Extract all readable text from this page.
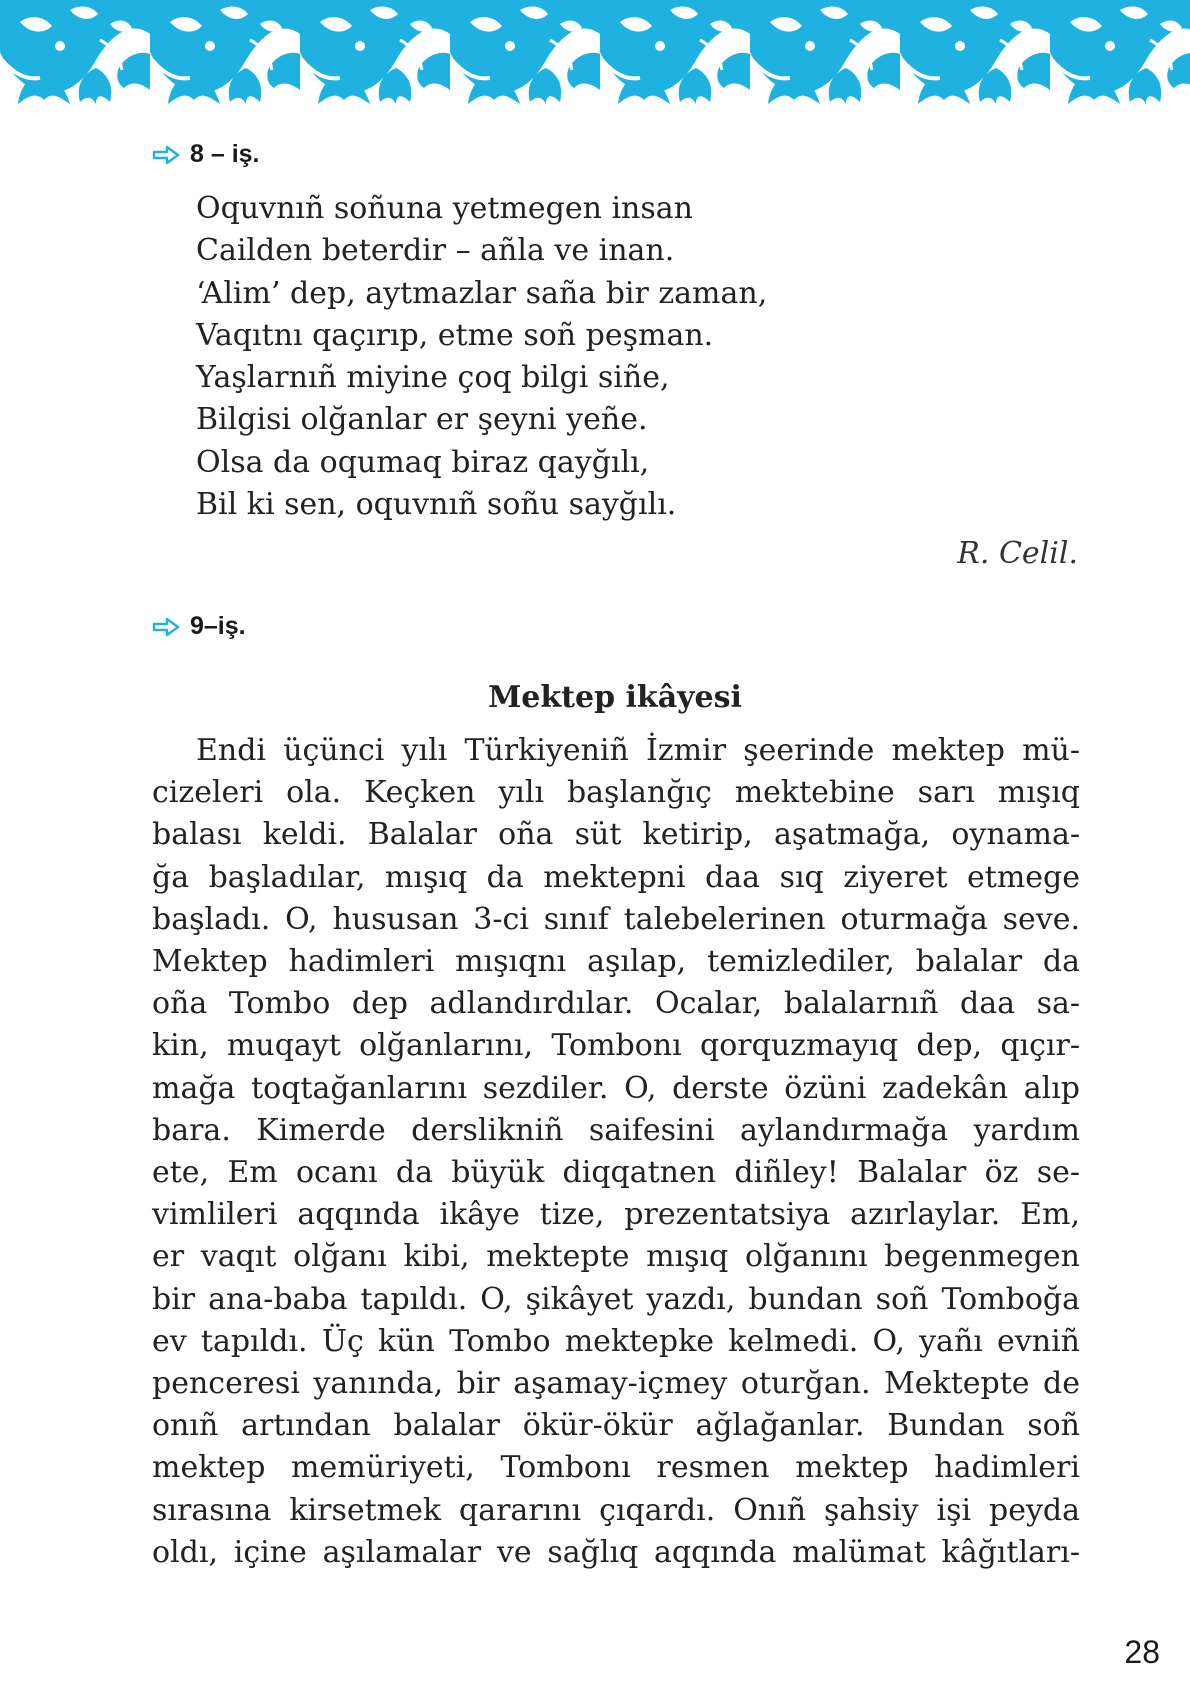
8 – iş.
Oquvnıñ soñuna yetmegen insan
Cailden beterdir – añla ve inan.
‘Alim’ dep, aytmazlar saña bir zaman,
Vaqıtnı qaçırıp, etme soñ peşman.
Yaşlarnıñ miyine çoq bilgi siñe,
Bilgisi olğanlar er şeyni yeñe.
Olsa da oqumaq biraz qayğılı,
Bil ki sen, oquvnıñ soñu sayğılı.
R. Celil.
9–iş.
Mektep ikâyesi
Endi üçünci yılı Türkiyeniñ İzmir şeerinde mektep mü-
cizeleri ola. Keçken yılı başlanğıç mektebine sarı mışıq
balası keldi. Balalar oña süt ketirip, aşatmağa, oynama-
ğa başladılar, mışıq da mektepni daa sıq ziyeret etmege
başladı. O, hususan 3-ci sınıf talebelerinen oturmağa seve.
Mektep hadimleri mışıqnı aşılap, temizlediler, balalar da
oña Tombo dep adlandırdılar. Ocalar, balalarnıñ daa sa-
kin, muqayt olğanlarını, Tombonı qorquzmayıq dep, qıçır-
mağa toqtağanlarını sezdiler. O, derste özüni zadekân alıp
bara. Kimerde derslikniñ saifesini aylandırmağa yardım
ete, Em ocanı da büyük diqqatnen diñley! Balalar öz se-
vimlileri aqqında ikâye tize, prezentatsiya azırlaylar. Em,
er vaqıt olğanı kibi, mektepte mışıq olğanını begenmegen
bir ana-baba tapıldı. O, şikâyet yazdı, bundan soñ Tomboğa
ev tapıldı. Üç kün Tombo mektepke kelmedi. O, yañı evniñ
penceresi yanında, bir aşamay-içmey oturğan. Mektepte de
onıñ artından balalar ökür-ökür ağlağanlar. Bundan soñ
mektep memüriyeti, Tombonı resmen mektep hadimleri
sırasına kirsetmek qararını çıqardı. Onıñ şahsiy işi peyda
oldı, içine aşılamalar ve sağlıq aqqında malümat kâğıtları-
28
